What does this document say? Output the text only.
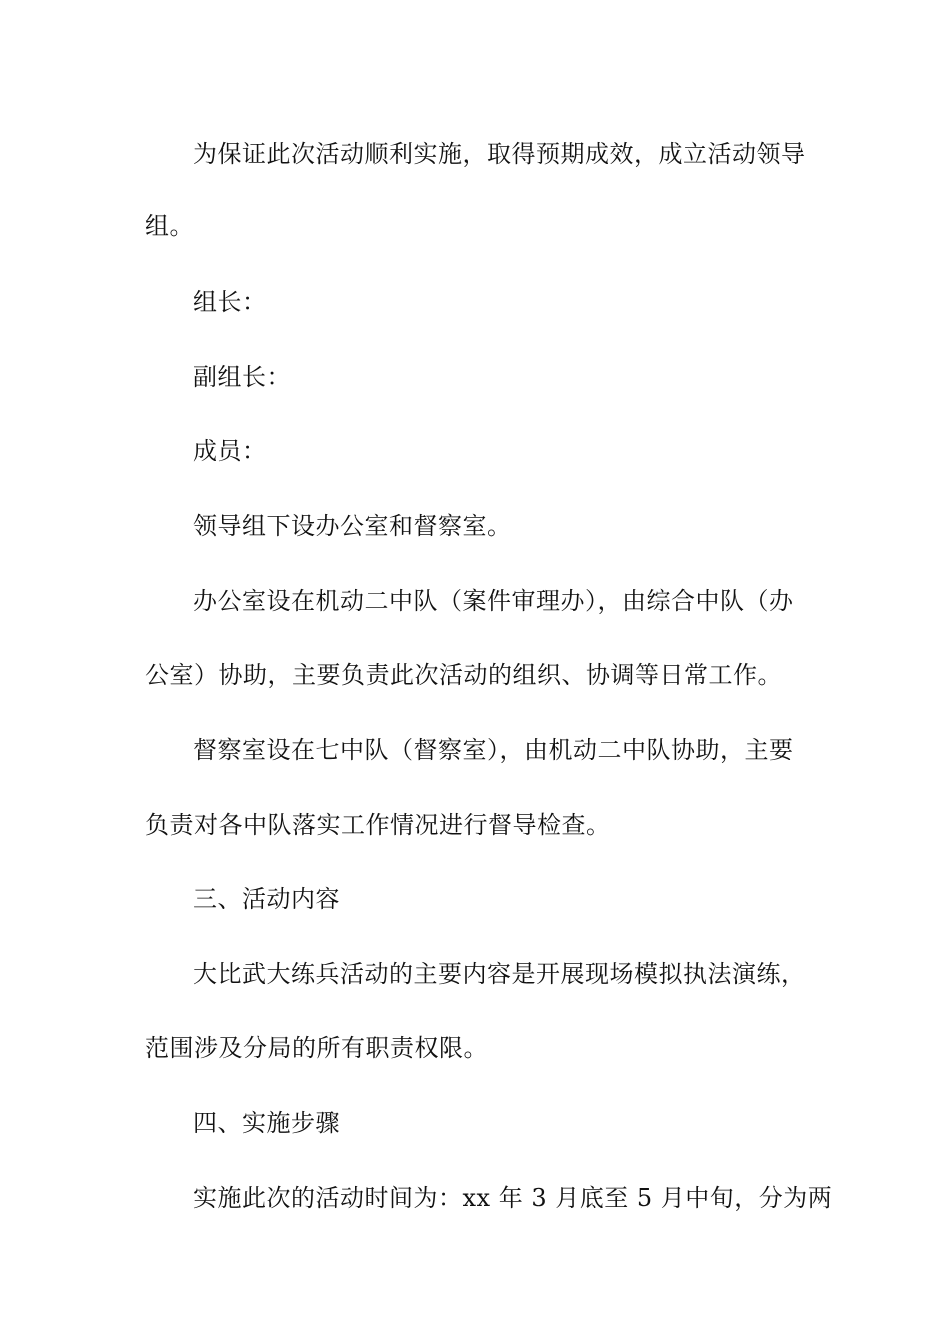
为保证此次活动顺利实施，取得预期成效，成立活动领导
组。
组长：
副组长：
成员：
领导组下设办公室和督察室。
办公室设在机动二中队（案件审理办），由综合中队（办
公室）协助，主要负责此次活动的组织、协调等日常工作。
督察室设在七中队（督察室），由机动二中队协助，主要
负责对各中队落实工作情况进行督导检查。
三、活动内容
大比武大练兵活动的主要内容是开展现场模拟执法演练，
范围涉及分局的所有职责权限。
四、实施步骤
实施此次的活动时间为：xx 年 3 月底至 5 月中旬，分为两
